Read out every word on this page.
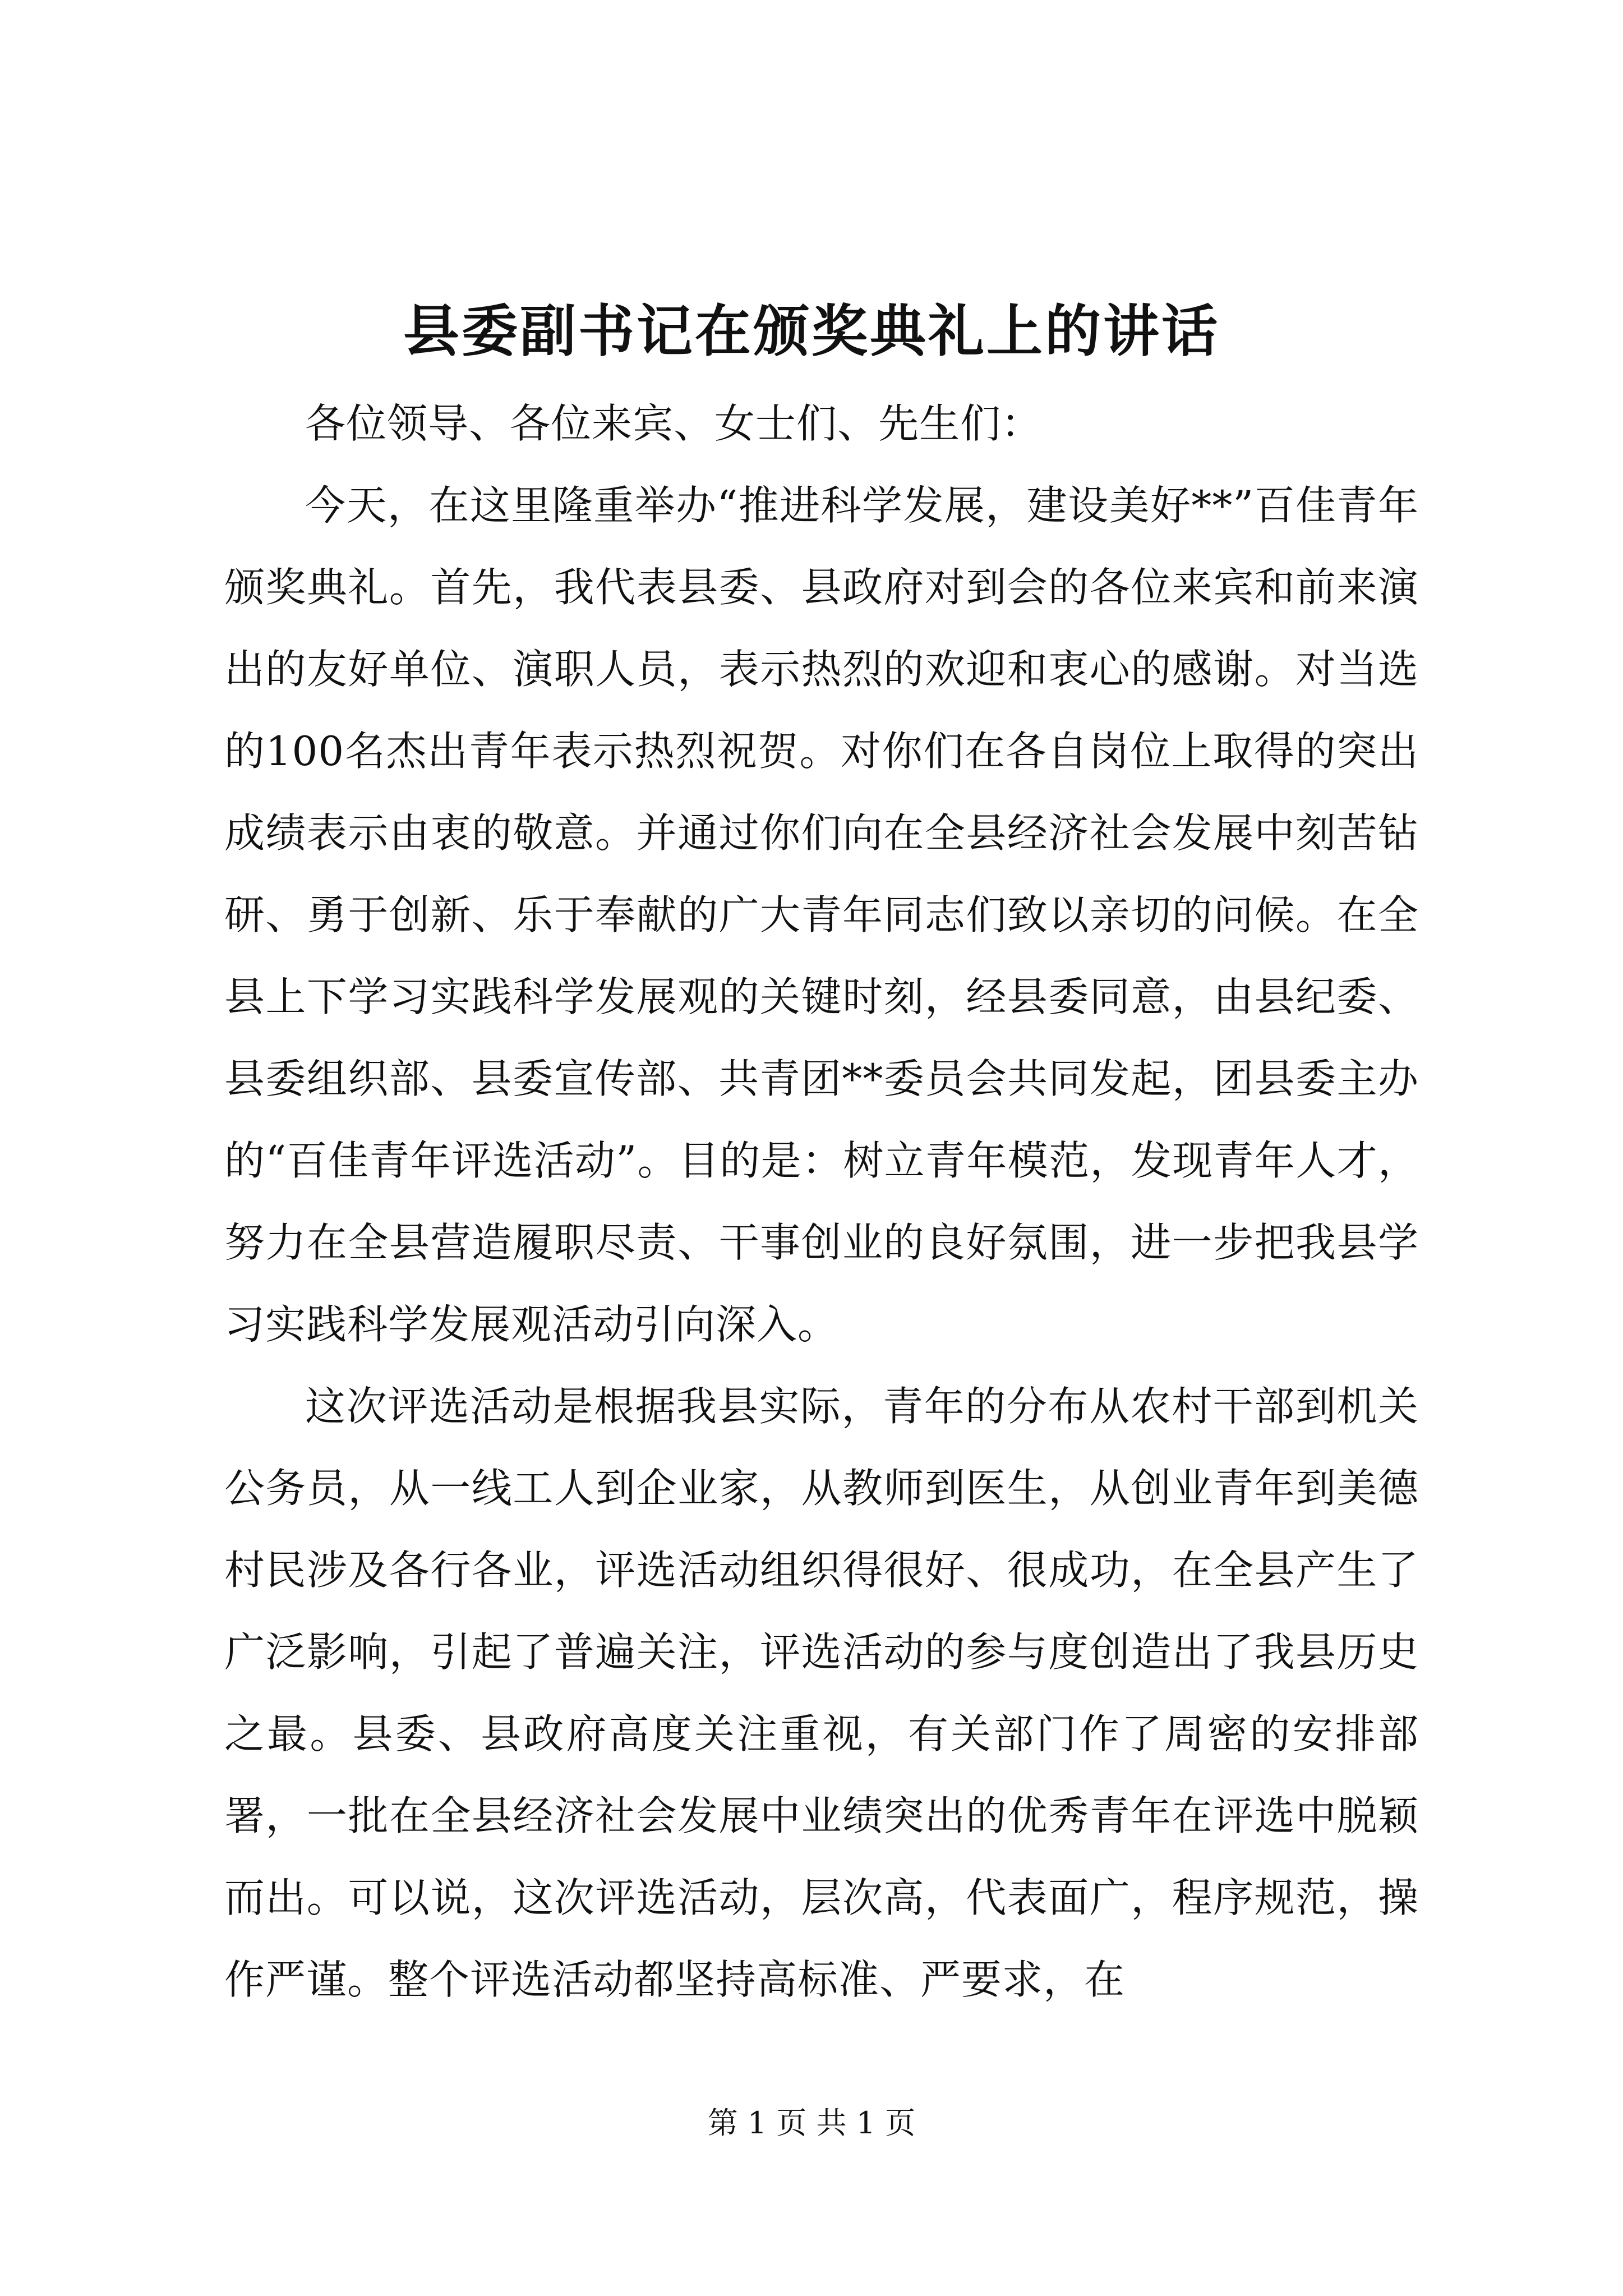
县委副书记在颁奖典礼上的讲话

各位领导、各位来宾、女士们、先生们：

今天，在这里隆重举办“推进科学发展，建设美好**”百佳青年颁奖典礼。首先，我代表县委、县政府对到会的各位来宾和前来演出的友好单位、演职人员，表示热烈的欢迎和衷心的感谢。对当选的100名杰出青年表示热烈祝贺。对你们在各自岗位上取得的突出成绩表示由衷的敬意。并通过你们向在全县经济社会发展中刻苦钻研、勇于创新、乐于奉献的广大青年同志们致以亲切的问候。在全县上下学习实践科学发展观的关键时刻，经县委同意，由县纪委、县委组织部、县委宣传部、共青团**委员会共同发起，团县委主办的“百佳青年评选活动”。目的是：树立青年模范，发现青年人才，努力在全县营造履职尽责、干事创业的良好氛围，进一步把我县学习实践科学发展观活动引向深入。

这次评选活动是根据我县实际，青年的分布从农村干部到机关公务员，从一线工人到企业家，从教师到医生，从创业青年到美德村民涉及各行各业，评选活动组织得很好、很成功，在全县产生了广泛影响，引起了普遍关注，评选活动的参与度创造出了我县历史之最。县委、县政府高度关注重视，有关部门作了周密的安排部署，一批在全县经济社会发展中业绩突出的优秀青年在评选中脱颖而出。可以说，这次评选活动，层次高，代表面广，程序规范，操作严谨。整个评选活动都坚持高标准、严要求，在

第 1 页 共 1 页
